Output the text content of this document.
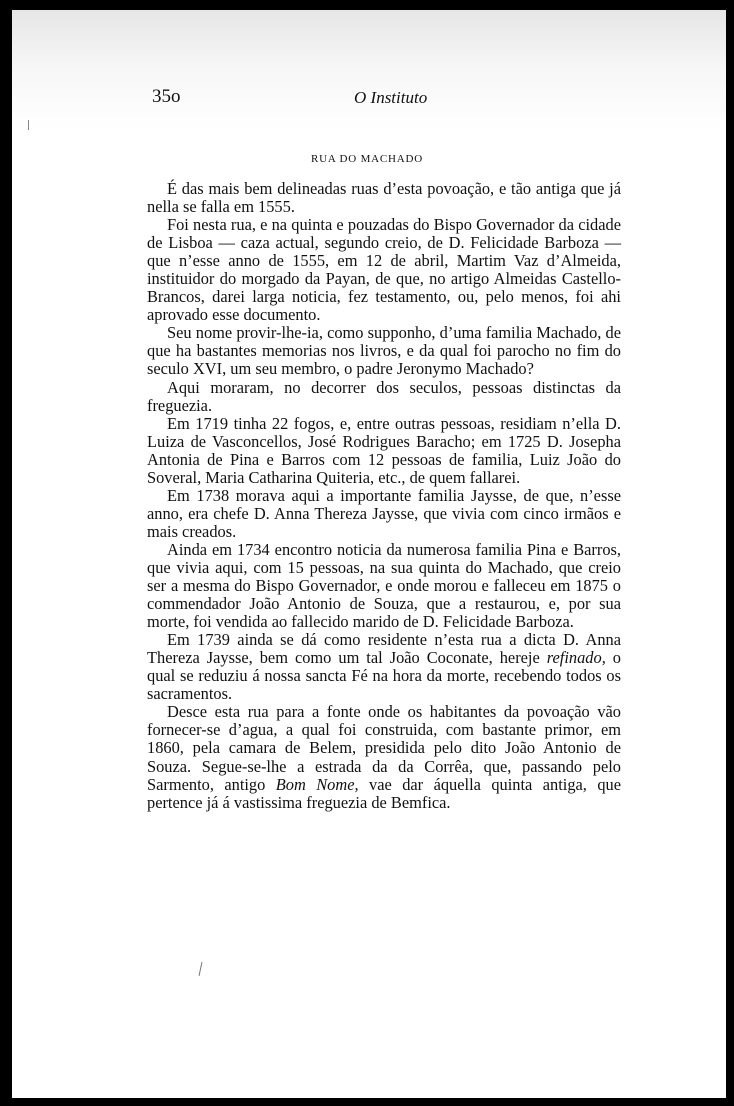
35o	O Instituto
RUA DO MACHADO

É das mais bem delineadas ruas d’esta povoação, e tão antiga que já nella se falla em 1555.

Foi nesta rua, e na quinta e pouzadas do Bispo Governador da cidade de Lisboa — caza actual, segundo creio, de D. Felicidade Barboza — que n’esse anno de 1555, em 12 de abril, Martim Vaz d’Almeida, instituidor do morgado da Payan, de que, no artigo Almeidas Castello-Brancos, darei larga noticia, fez testamento, ou, pelo menos, foi ahi aprovado esse documento.

Seu nome provir-lhe-ia, como supponho, d’uma familia Machado, de que ha bastantes memorias nos livros, e da qual foi parocho no fim do seculo XVI, um seu membro, o padre Jeronymo Machado?

Aqui moraram, no decorrer dos seculos, pessoas distinctas da freguezia.

Em 1719 tinha 22 fogos, e, entre outras pessoas, residiam n’ella D. Luiza de Vasconcellos, José Rodrigues Baracho; em 1725 D. Josepha Antonia de Pina e Barros com 12 pessoas de familia, Luiz João do Soveral, Maria Catharina Quiteria, etc., de quem fallarei.

Em 1738 morava aqui a importante familia Jaysse, de que, n’esse anno, era chefe D. Anna Thereza Jaysse, que vivia com cinco irmãos e mais creados.

Ainda em 1734 encontro noticia da numerosa familia Pina e Barros, que vivia aqui, com 15 pessoas, na sua quinta do Machado, que creio ser a mesma do Bispo Governador, e onde morou e falleceu em 1875 o commendador João Antonio de Souza, que a restaurou, e, por sua morte, foi vendida ao fallecido marido de D. Felicidade Barboza.

Em 1739 ainda se dá como residente n’esta rua a dicta D. Anna Thereza Jaysse, bem como um tal João Coconate, hereje refinado, o qual se reduziu á nossa sancta Fé na hora da morte, recebendo todos os sacramentos.

Desce esta rua para a fonte onde os habitantes da povoação vão fornecer-se d’agua, a qual foi construida, com bastante primor, em 1860, pela camara de Belem, presidida pelo dito João Antonio de Souza. Segue-se-lhe a estrada da da Corrêa, que, passando pelo Sarmento, antigo Bom Nome, vae dar áquella quinta antiga, que pertence já á vastissima freguezia de Bemfica.
